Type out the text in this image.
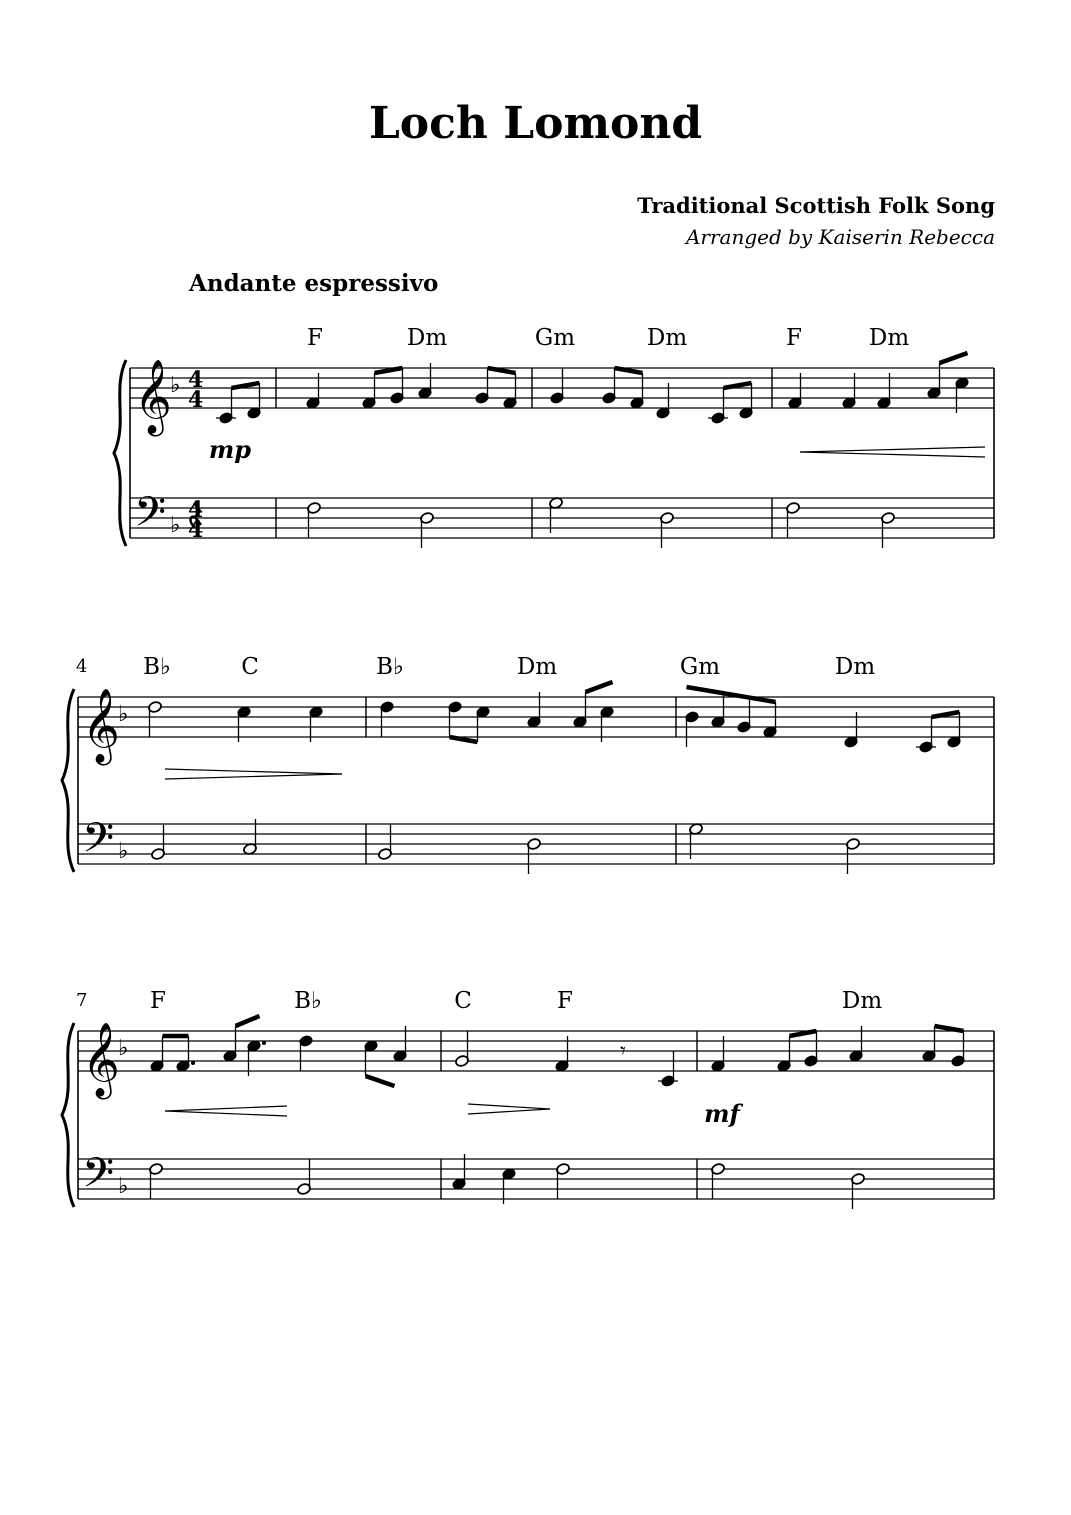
Loch Lomond
Traditional Scottish Folk Song
Arranged by Kaiserin Rebecca
Andante espressivo
𝄞
𝄢
♭
♭
4
4
4
4
𝄞
𝄢
♭
♭
𝄞
𝄢
♭
♭
𝄾
F	Dm	Gm	Dm	F	Dm
4 B♭	C	B♭	Dm	Gm	Dm
7	F	B♭	C	F	Dm
mp
mf
